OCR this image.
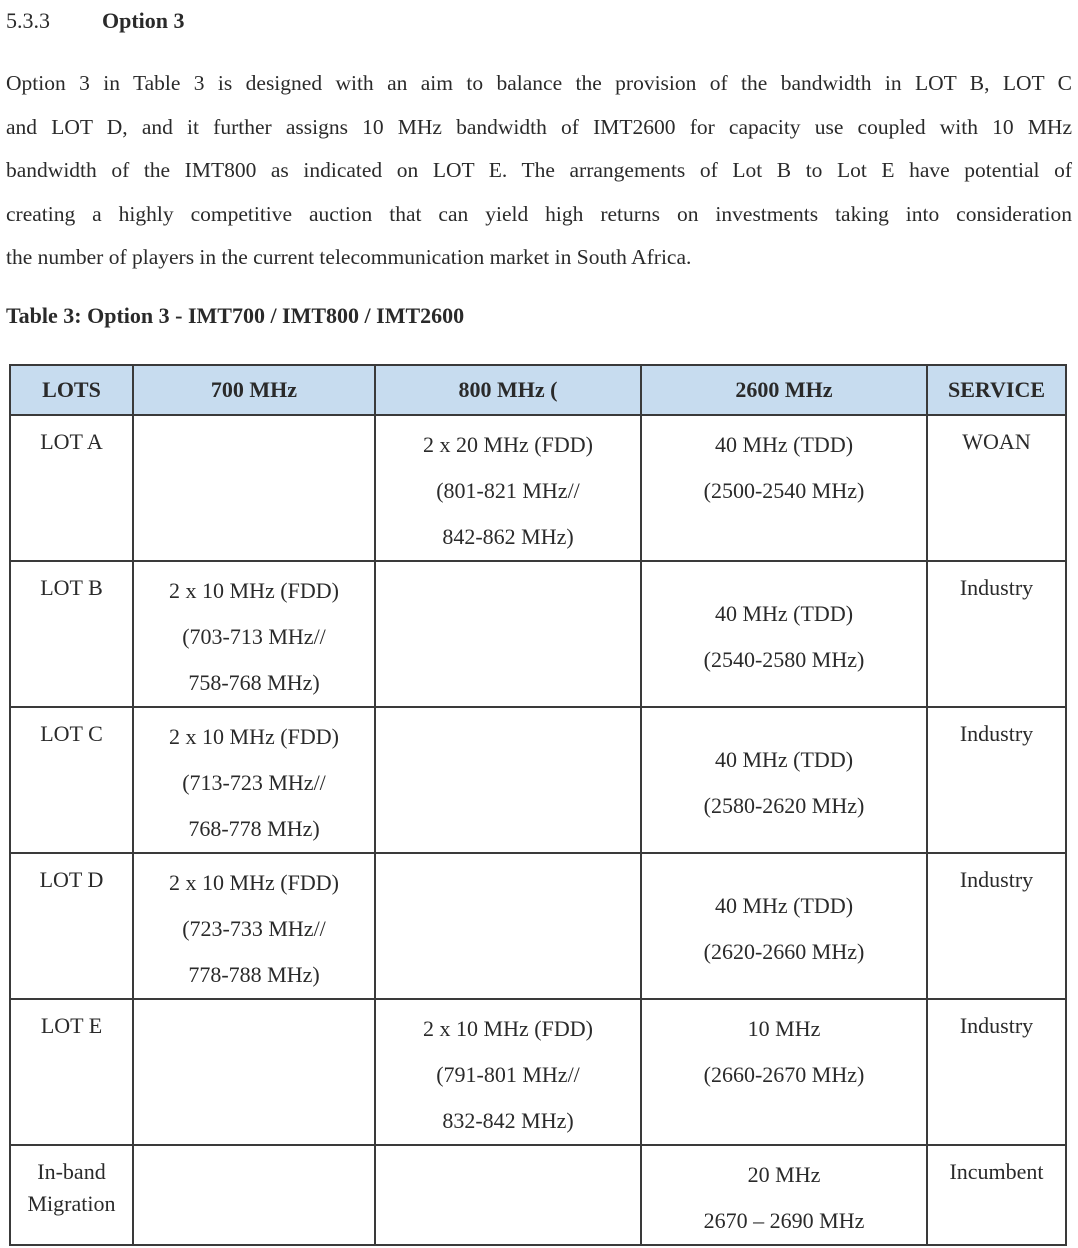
5.3.3 Option 3

Option 3 in Table 3 is designed with an aim to balance the provision of the bandwidth in LOT B, LOT C
and LOT D, and it further assigns 10 MHz bandwidth of IMT2600 for capacity use coupled with 10 MHz
bandwidth of the IMT800 as indicated on LOT E. The arrangements of Lot B to Lot E have potential of
creating a highly competitive auction that can yield high returns on investments taking into consideration
the number of players in the current telecommunication market in South Africa.

Table 3: Option 3 - IMT700 / IMT800 / IMT2600
LOTS	700 MHz	800 MHz (	2600 MHz	SERVICE

LOT A		2 x 20 MHz (FDD)
(801-821 MHz//
842-862 MHz)	40 MHz (TDD)
(2500-2540 MHz)	WOAN

LOT B	2 x 10 MHz (FDD)
(703-713 MHz//
758-768 MHz)		40 MHz (TDD)
(2540-2580 MHz)	Industry

LOT C	2 x 10 MHz (FDD)
(713-723 MHz//
768-778 MHz)		40 MHz (TDD)
(2580-2620 MHz)	Industry

LOT D	2 x 10 MHz (FDD)
(723-733 MHz//
778-788 MHz)		40 MHz (TDD)
(2620-2660 MHz)	Industry

LOT E		2 x 10 MHz (FDD)
(791-801 MHz//
832-842 MHz)	10 MHz
(2660-2670 MHz)	Industry

In-band
Migration			20 MHz
2670 – 2690 MHz	Incumbent
